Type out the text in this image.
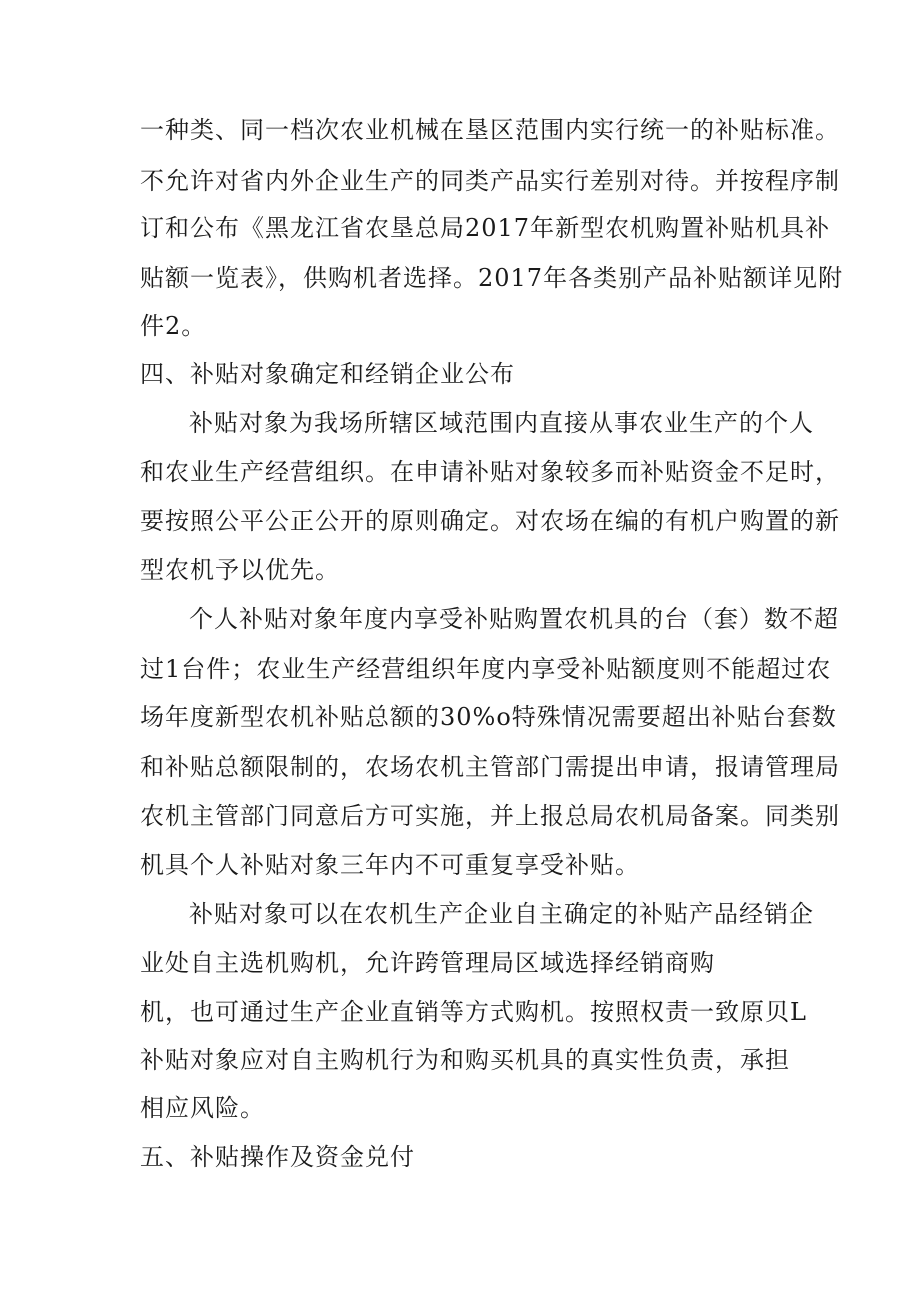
一种类、同一档次农业机械在垦区范围内实行统一的补贴标准。
不允许对省内外企业生产的同类产品实行差别对待。并按程序制
订和公布《黑龙江省农垦总局2017年新型农机购置补贴机具补
贴额一览表》，供购机者选择。2017年各类别产品补贴额详见附
件2。
四、补贴对象确定和经销企业公布
补贴对象为我场所辖区域范围内直接从事农业生产的个人
和农业生产经营组织。在申请补贴对象较多而补贴资金不足时，
要按照公平公正公开的原则确定。对农场在编的有机户购置的新
型农机予以优先。
个人补贴对象年度内享受补贴购置农机具的台（套）数不超
过1台件；农业生产经营组织年度内享受补贴额度则不能超过农
场年度新型农机补贴总额的30%o特殊情况需要超出补贴台套数
和补贴总额限制的，农场农机主管部门需提出申请，报请管理局
农机主管部门同意后方可实施，并上报总局农机局备案。同类别
机具个人补贴对象三年内不可重复享受补贴。
补贴对象可以在农机生产企业自主确定的补贴产品经销企
业处自主选机购机，允许跨管理局区域选择经销商购
机，也可通过生产企业直销等方式购机。按照权责一致原贝L
补贴对象应对自主购机行为和购买机具的真实性负责，承担
相应风险。
五、补贴操作及资金兑付
